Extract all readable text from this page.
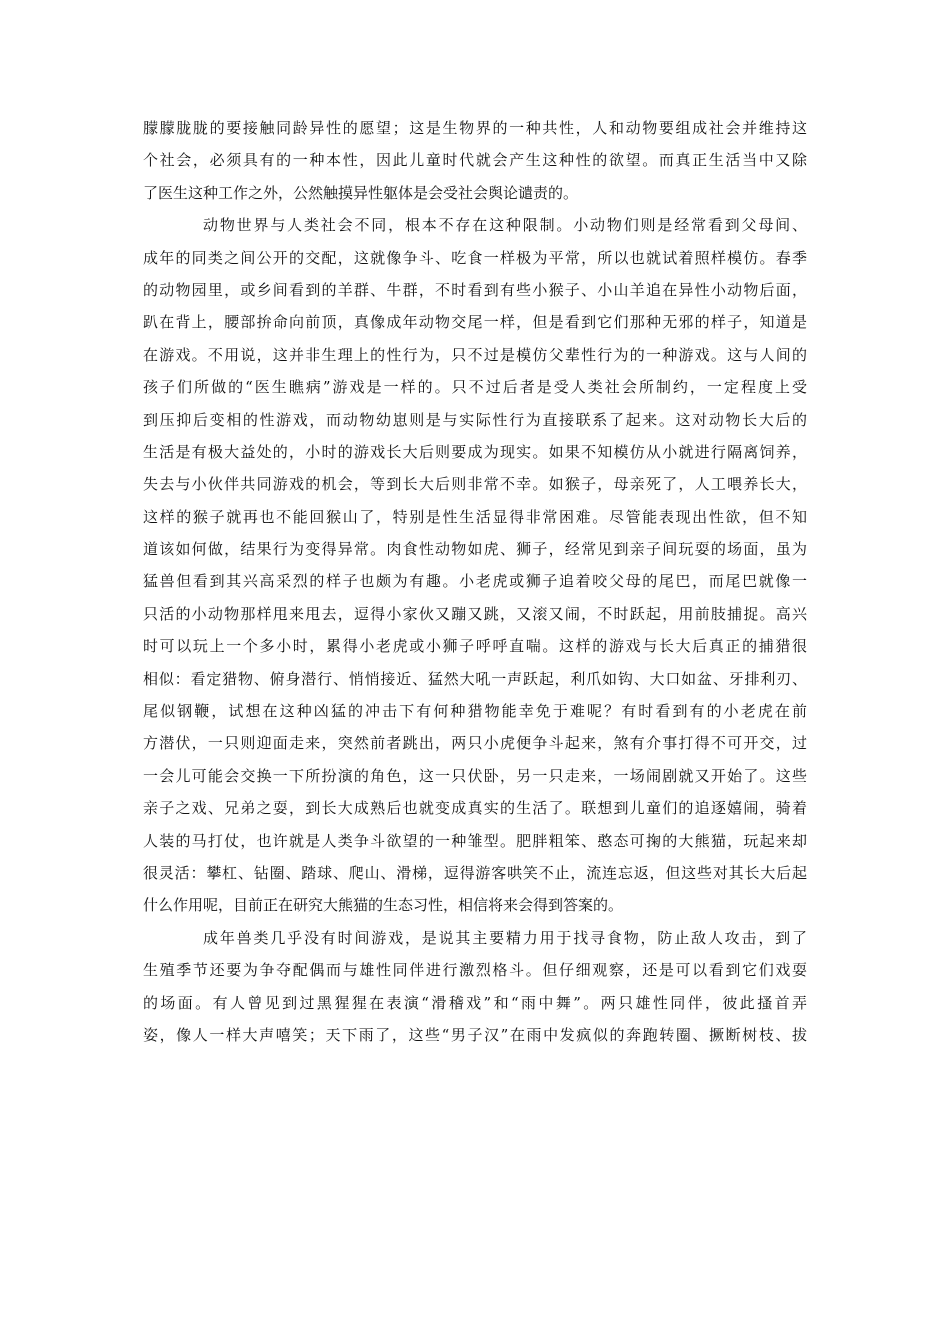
朦朦胧胧的要接触同龄异性的愿望；这是生物界的一种共性，人和动物要组成社会并维持这
个社会，必须具有的一种本性，因此儿童时代就会产生这种性的欲望。而真正生活当中又除
了医生这种工作之外，公然触摸异性躯体是会受社会舆论谴责的。

动物世界与人类社会不同，根本不存在这种限制。小动物们则是经常看到父母间、
成年的同类之间公开的交配，这就像争斗、吃食一样极为平常，所以也就试着照样模仿。春季
的动物园里，或乡间看到的羊群、牛群，不时看到有些小猴子、小山羊追在异性小动物后面，
趴在背上，腰部拚命向前顶，真像成年动物交尾一样，但是看到它们那种无邪的样子，知道是
在游戏。不用说，这并非生理上的性行为，只不过是模仿父辈性行为的一种游戏。这与人间的
孩子们所做的“医生瞧病”游戏是一样的。只不过后者是受人类社会所制约，一定程度上受
到压抑后变相的性游戏，而动物幼崽则是与实际性行为直接联系了起来。这对动物长大后的
生活是有极大益处的，小时的游戏长大后则要成为现实。如果不知模仿从小就进行隔离饲养，
失去与小伙伴共同游戏的机会，等到长大后则非常不幸。如猴子，母亲死了，人工喂养长大，
这样的猴子就再也不能回猴山了，特别是性生活显得非常困难。尽管能表现出性欲，但不知
道该如何做，结果行为变得异常。肉食性动物如虎、狮子，经常见到亲子间玩耍的场面，虽为
猛兽但看到其兴高采烈的样子也颇为有趣。小老虎或狮子追着咬父母的尾巴，而尾巴就像一
只活的小动物那样甩来甩去，逗得小家伙又蹦又跳，又滚又闹，不时跃起，用前肢捕捉。高兴
时可以玩上一个多小时，累得小老虎或小狮子呼呼直喘。这样的游戏与长大后真正的捕猎很
相似：看定猎物、俯身潜行、悄悄接近、猛然大吼一声跃起，利爪如钩、大口如盆、牙排利刃、
尾似钢鞭，试想在这种凶猛的冲击下有何种猎物能幸免于难呢？有时看到有的小老虎在前
方潜伏，一只则迎面走来，突然前者跳出，两只小虎便争斗起来，煞有介事打得不可开交，过
一会儿可能会交换一下所扮演的角色，这一只伏卧，另一只走来，一场闹剧就又开始了。这些
亲子之戏、兄弟之耍，到长大成熟后也就变成真实的生活了。联想到儿童们的追逐嬉闹，骑着
人装的马打仗，也许就是人类争斗欲望的一种雏型。肥胖粗笨、憨态可掬的大熊猫，玩起来却
很灵活：攀杠、钻圈、踏球、爬山、滑梯，逗得游客哄笑不止，流连忘返，但这些对其长大后起
什么作用呢，目前正在研究大熊猫的生态习性，相信将来会得到答案的。

成年兽类几乎没有时间游戏，是说其主要精力用于找寻食物，防止敌人攻击，到了
生殖季节还要为争夺配偶而与雄性同伴进行激烈格斗。但仔细观察，还是可以看到它们戏耍
的场面。有人曾见到过黑猩猩在表演“滑稽戏”和“雨中舞”。两只雄性同伴，彼此搔首弄
姿，像人一样大声嘻笑；天下雨了，这些“男子汉”在雨中发疯似的奔跑转圈、撅断树枝、拔
